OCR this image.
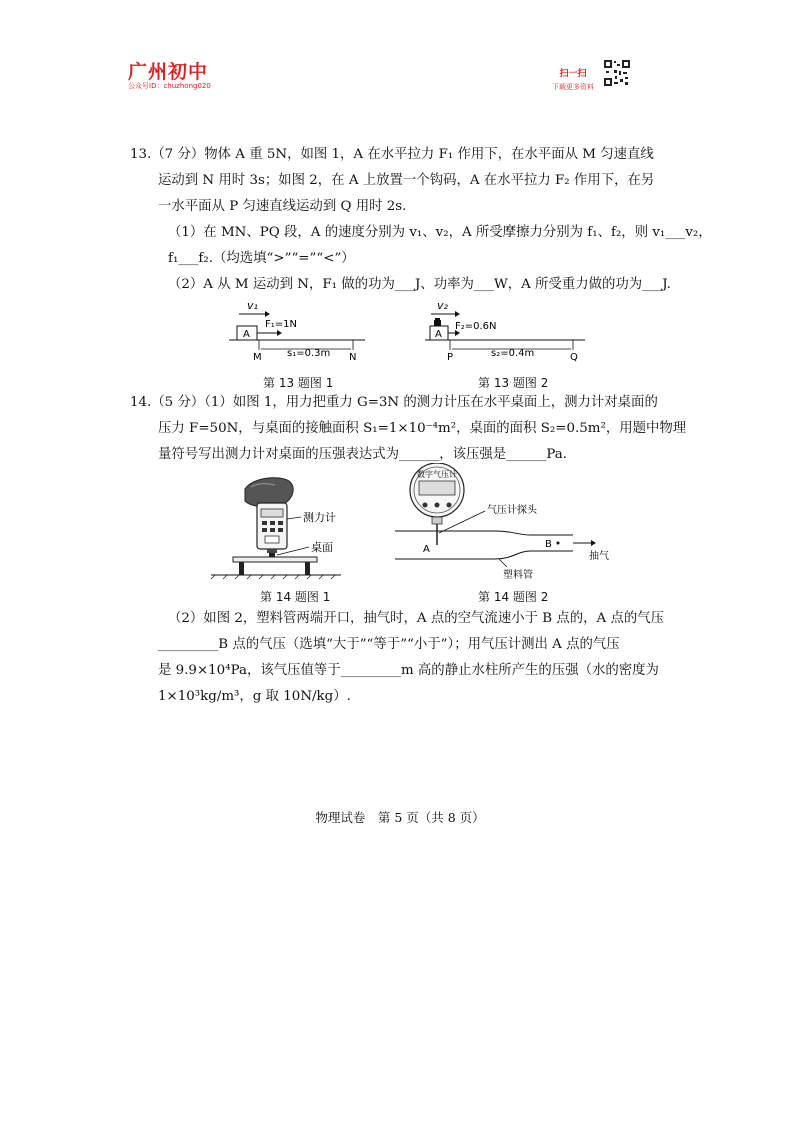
广州初中
公众号ID：chuzhong020
扫一扫
下载更多资料
13.（7 分）物体 A 重 5N，如图 1，A 在水平拉力 F₁ 作用下，在水平面从 M 匀速直线
运动到 N 用时 3s；如图 2，在 A 上放置一个钩码，A 在水平拉力 F₂ 作用下，在另
一水平面从 P 匀速直线运动到 Q 用时 2s.
（1）在 MN、PQ 段，A 的速度分别为 v₁、v₂，A 所受摩擦力分别为 f₁、f₂，则 v₁___v₂，
f₁___f₂.（均选填“>”“=”“<”）
（2）A 从 M 运动到 N，F₁ 做的功为___J、功率为___W，A 所受重力做的功为___J.
v₁
A
F₁=1N
M	s₁=0.3m N
第 13 题图 1
v₂
A
F₂=0.6N
P	s₂=0.4m	Q
第 13 题图 2
14.（5 分）（1）如图 1，用力把重力 G=3N 的测力计压在水平桌面上，测力计对桌面的
压力 F=50N，与桌面的接触面积 S₁=1×10⁻⁴m²，桌面的面积 S₂=0.5m²，用题中物理
量符号写出测力计对桌面的压强表达式为______，该压强是______Pa.
测力计
桌面
第 14 题图 1
数字气压计
气压计探头
A	B
抽气
塑料管
第 14 题图 2
（2）如图 2，塑料管两端开口，抽气时，A 点的空气流速小于 B 点的，A 点的气压
_________B 点的气压（选填“大于”“等于”“小于”）；用气压计测出 A 点的气压
是 9.9×10⁴Pa，该气压值等于_________m 高的静止水柱所产生的压强（水的密度为
1×10³kg/m³，g 取 10N/kg）.
物理试卷　第 5 页（共 8 页）
